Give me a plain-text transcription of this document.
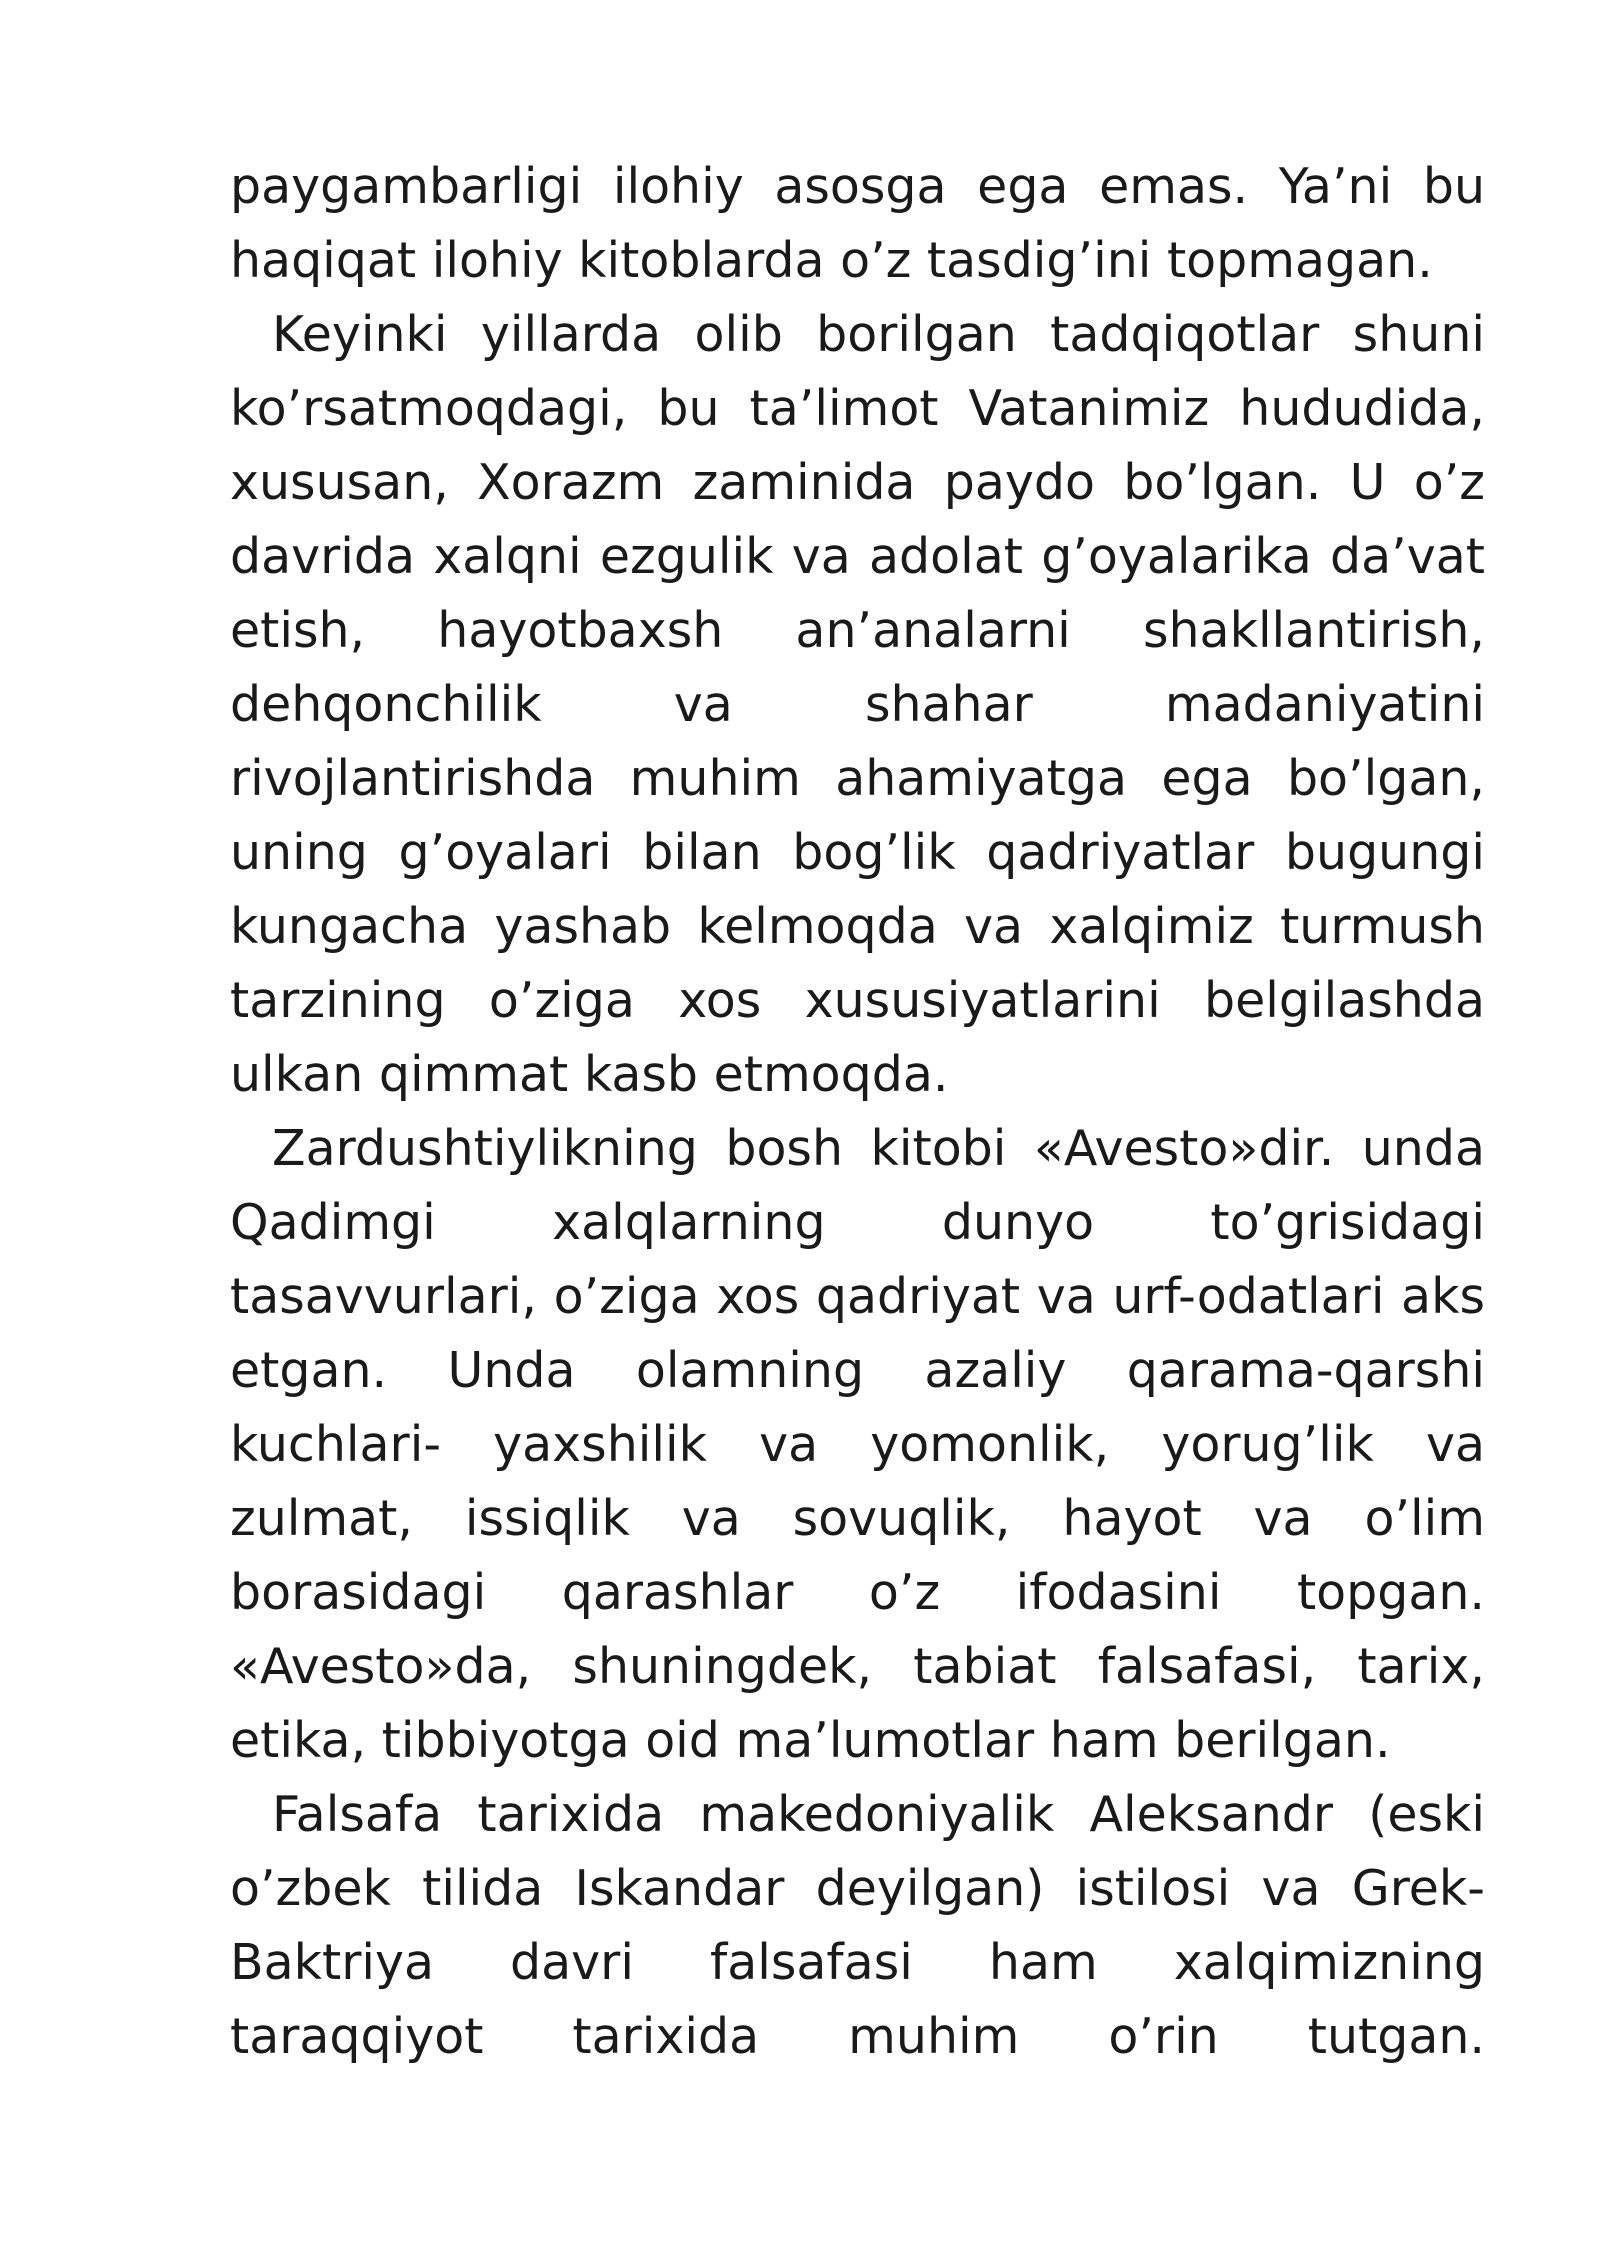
paygambarligi ilohiy asosga ega emas. Ya’ni bu haqiqat ilohiy kitoblarda o’z tasdig’ini topmagan.

Keyinki yillarda olib borilgan tadqiqotlar shuni ko’rsatmoqdagi, bu ta’limot Vatanimiz hududida, xususan, Xorazm zaminida paydo bo’lgan. U o’z davrida xalqni ezgulik va adolat g’oyalarika da’vat etish, hayotbaxsh an’analarni shakllantirish, dehqonchilik va shahar madaniyatini rivojlantirishda muhim ahamiyatga ega bo’lgan, uning g’oyalari bilan bog’lik qadriyatlar bugungi kungacha yashab kelmoqda va xalqimiz turmush tarzining o’ziga xos xususiyatlarini belgilashda ulkan qimmat kasb etmoqda.

Zardushtiylikning bosh kitobi «Avesto»dir. unda Qadimgi xalqlarning dunyo to’grisidagi tasavvurlari, o’ziga xos qadriyat va urf-odatlari aks etgan. Unda olamning azaliy qarama-qarshi kuchlari- yaxshilik va yomonlik, yorug’lik va zulmat, issiqlik va sovuqlik, hayot va o’lim borasidagi qarashlar o’z ifodasini topgan. «Avesto»da, shuningdek, tabiat falsafasi, tarix, etika, tibbiyotga oid ma’lumotlar ham berilgan.

Falsafa tarixida makedoniyalik Aleksandr (eski o’zbek tilida Iskandar deyilgan) istilosi va Grek-Baktriya davri falsafasi ham xalqimizning taraqqiyot tarixida muhim o’rin tutgan.
